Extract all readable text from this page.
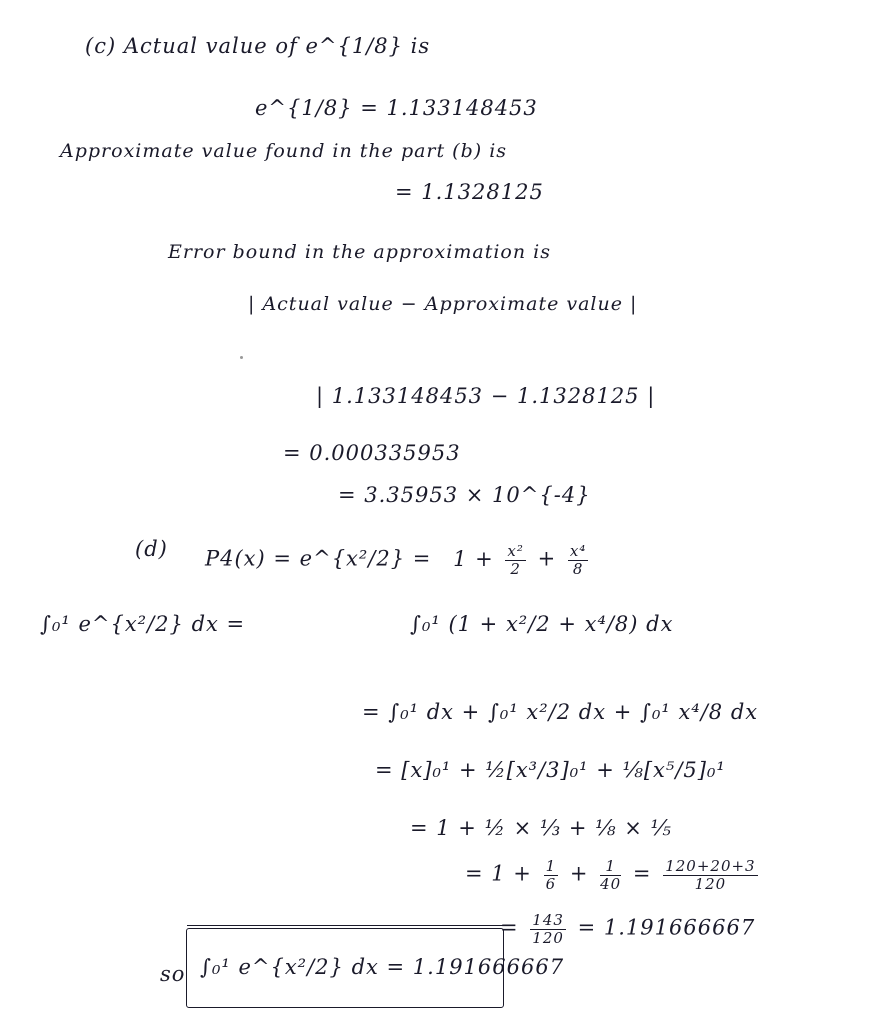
(c) Actual value of e^{1/8} is
e^{1/8} = 1.133148453
Approximate value found in the part (b) is
= 1.1328125
Error bound in the approximation is
| Actual value − Approximate value |
| 1.133148453 − 1.1328125 |
= 0.000335953
= 3.35953 × 10^{-4}
(d) P4(x) = e^{x²/2} = $1 + \frac{\text{x²}}{2} + \frac{\text{x⁴}}{8}$
∫₀¹ e^{x²/2} dx =	∫₀¹ (1 + x²/2 + x⁴/8) dx
= ∫₀¹ dx + ∫₀¹ x²/2 dx + ∫₀¹ x⁴/8 dx
= [x]₀¹ + ½[x³/3]₀¹ + ⅛[x⁵/5]₀¹
= 1 + ½ × ⅓ + ⅛ × ⅕
= $1 + \frac{1}{6} + \frac{1}{40} = \frac{120+20+3}{120}$
= $\frac{143}{120} = 1.191666667$
so ∫₀¹ e^{x²/2} dx = 1.191666667
